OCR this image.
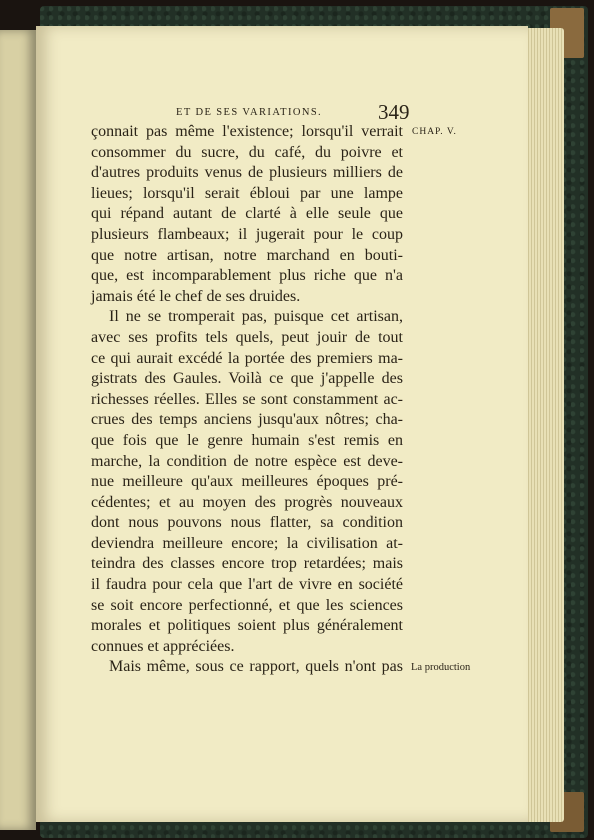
ET DE SES VARIATIONS.	349
CHAP. V.
çonnait pas même l'existence; lorsqu'il verrait
consommer du sucre, du café, du poivre et
d'autres produits venus de plusieurs milliers de
lieues; lorsqu'il serait ébloui par une lampe
qui répand autant de clarté à elle seule que
plusieurs flambeaux; il jugerait pour le coup
que notre artisan, notre marchand en bouti-
que, est incomparablement plus riche que n'a
jamais été le chef de ses druides.
Il ne se tromperait pas, puisque cet artisan,
avec ses profits tels quels, peut jouir de tout
ce qui aurait excédé la portée des premiers ma-
gistrats des Gaules. Voilà ce que j'appelle des
richesses réelles. Elles se sont constamment ac-
crues des temps anciens jusqu'aux nôtres; cha-
que fois que le genre humain s'est remis en
marche, la condition de notre espèce est deve-
nue meilleure qu'aux meilleures époques pré-
cédentes; et au moyen des progrès nouveaux
dont nous pouvons nous flatter, sa condition
deviendra meilleure encore; la civilisation at-
teindra des classes encore trop retardées; mais
il faudra pour cela que l'art de vivre en société
se soit encore perfectionné, et que les sciences
morales et politiques soient plus généralement
connues et appréciées.
Mais même, sous ce rapport, quels n'ont pas La production
